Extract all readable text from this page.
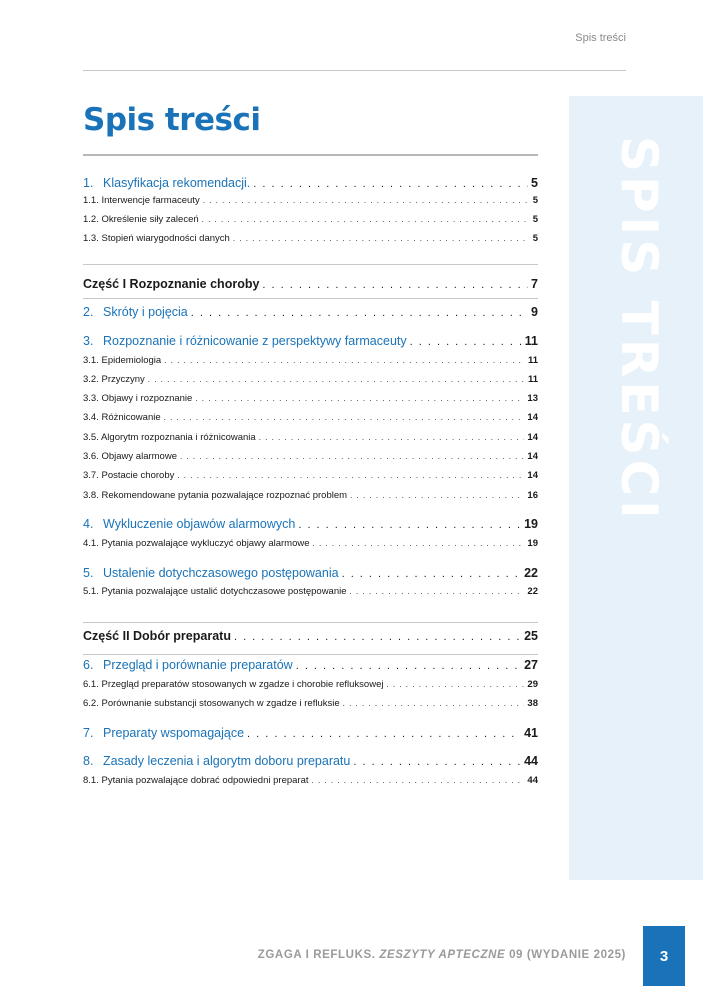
Spis treści
SPIS TREŚCI
Spis treści
1. Klasyfikacja rekomendacji. . . .	5
1.1. Interwencje farmaceuty . . .	5
1.2. Określenie siły zaleceń . . .	5
1.3. Stopień wiarygodności danych . . .	5
Część I Rozpoznanie choroby . . .	7
2. Skróty i pojęcia . . .	9
3. Rozpoznanie i różnicowanie z perspektywy farmaceuty . . .	11
3.1. Epidemiologia . . .	11
3.2. Przyczyny . . .	11
3.3. Objawy i rozpoznanie . . .	13
3.4. Różnicowanie . . .	14
3.5. Algorytm rozpoznania i różnicowania . . .	14
3.6. Objawy alarmowe . . .	14
3.7. Postacie choroby . . .	14
3.8. Rekomendowane pytania pozwalające rozpoznać problem . . .	16
4. Wykluczenie objawów alarmowych . . .	19
4.1. Pytania pozwalające wykluczyć objawy alarmowe . . .	19
5. Ustalenie dotychczasowego postępowania . . .	22
5.1. Pytania pozwalające ustalić dotychczasowe postępowanie . . .	22
Część II Dobór preparatu . . .	25
6. Przegląd i porównanie preparatów . . .	27
6.1. Przegląd preparatów stosowanych w zgadze i chorobie refluksowej . . .	29
6.2. Porównanie substancji stosowanych w zgadze i refluksie . . .	38
7. Preparaty wspomagające . . .	41
8. Zasady leczenia i algorytm doboru preparatu . . .	44
8.1. Pytania pozwalające dobrać odpowiedni preparat . . .	44
ZGAGA I REFLUKS. ZESZYTY APTECZNE 09 (WYDANIE 2025)	3
